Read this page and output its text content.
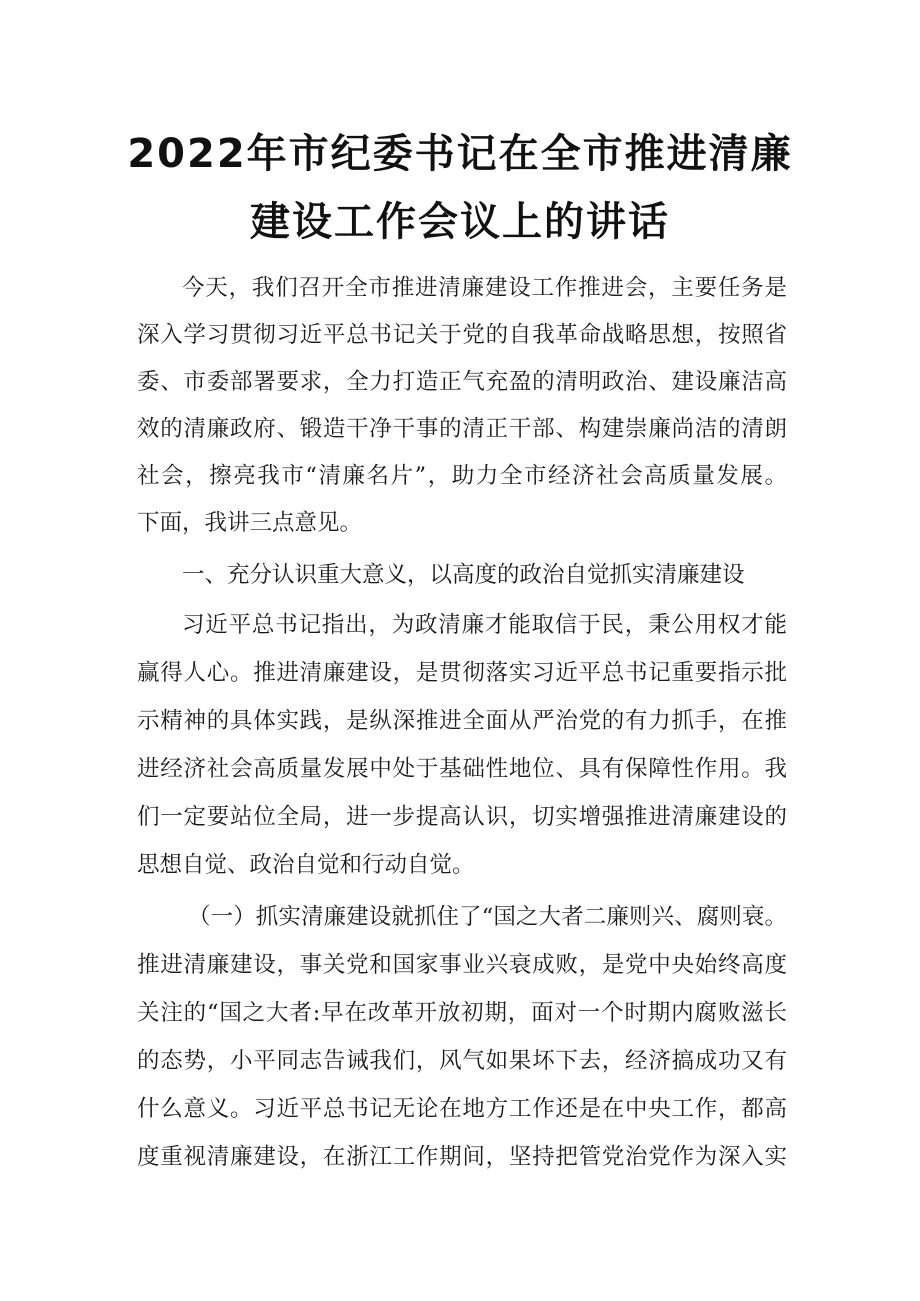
2022年市纪委书记在全市推进清廉
建设工作会议上的讲话
今天，我们召开全市推进清廉建设工作推进会，主要任务是
深入学习贯彻习近平总书记关于党的自我革命战略思想，按照省
委、市委部署要求，全力打造正气充盈的清明政治、建设廉洁高
效的清廉政府、锻造干净干事的清正干部、构建崇廉尚洁的清朗
社会，擦亮我市“清廉名片”，助力全市经济社会高质量发展。
下面，我讲三点意见。
一、充分认识重大意义，以高度的政治自觉抓实清廉建设
习近平总书记指出，为政清廉才能取信于民，秉公用权才能
赢得人心。推进清廉建设，是贯彻落实习近平总书记重要指示批
示精神的具体实践，是纵深推进全面从严治党的有力抓手，在推
进经济社会高质量发展中处于基础性地位、具有保障性作用。我
们一定要站位全局，进一步提高认识，切实增强推进清廉建设的
思想自觉、政治自觉和行动自觉。
（一）抓实清廉建设就抓住了“国之大者二廉则兴、腐则衰。
推进清廉建设，事关党和国家事业兴衰成败，是党中央始终高度
关注的“国之大者:早在改革开放初期，面对一个时期内腐败滋长
的态势，小平同志告诫我们，风气如果坏下去，经济搞成功又有
什么意义。习近平总书记无论在地方工作还是在中央工作，都高
度重视清廉建设，在浙江工作期间，坚持把管党治党作为深入实
